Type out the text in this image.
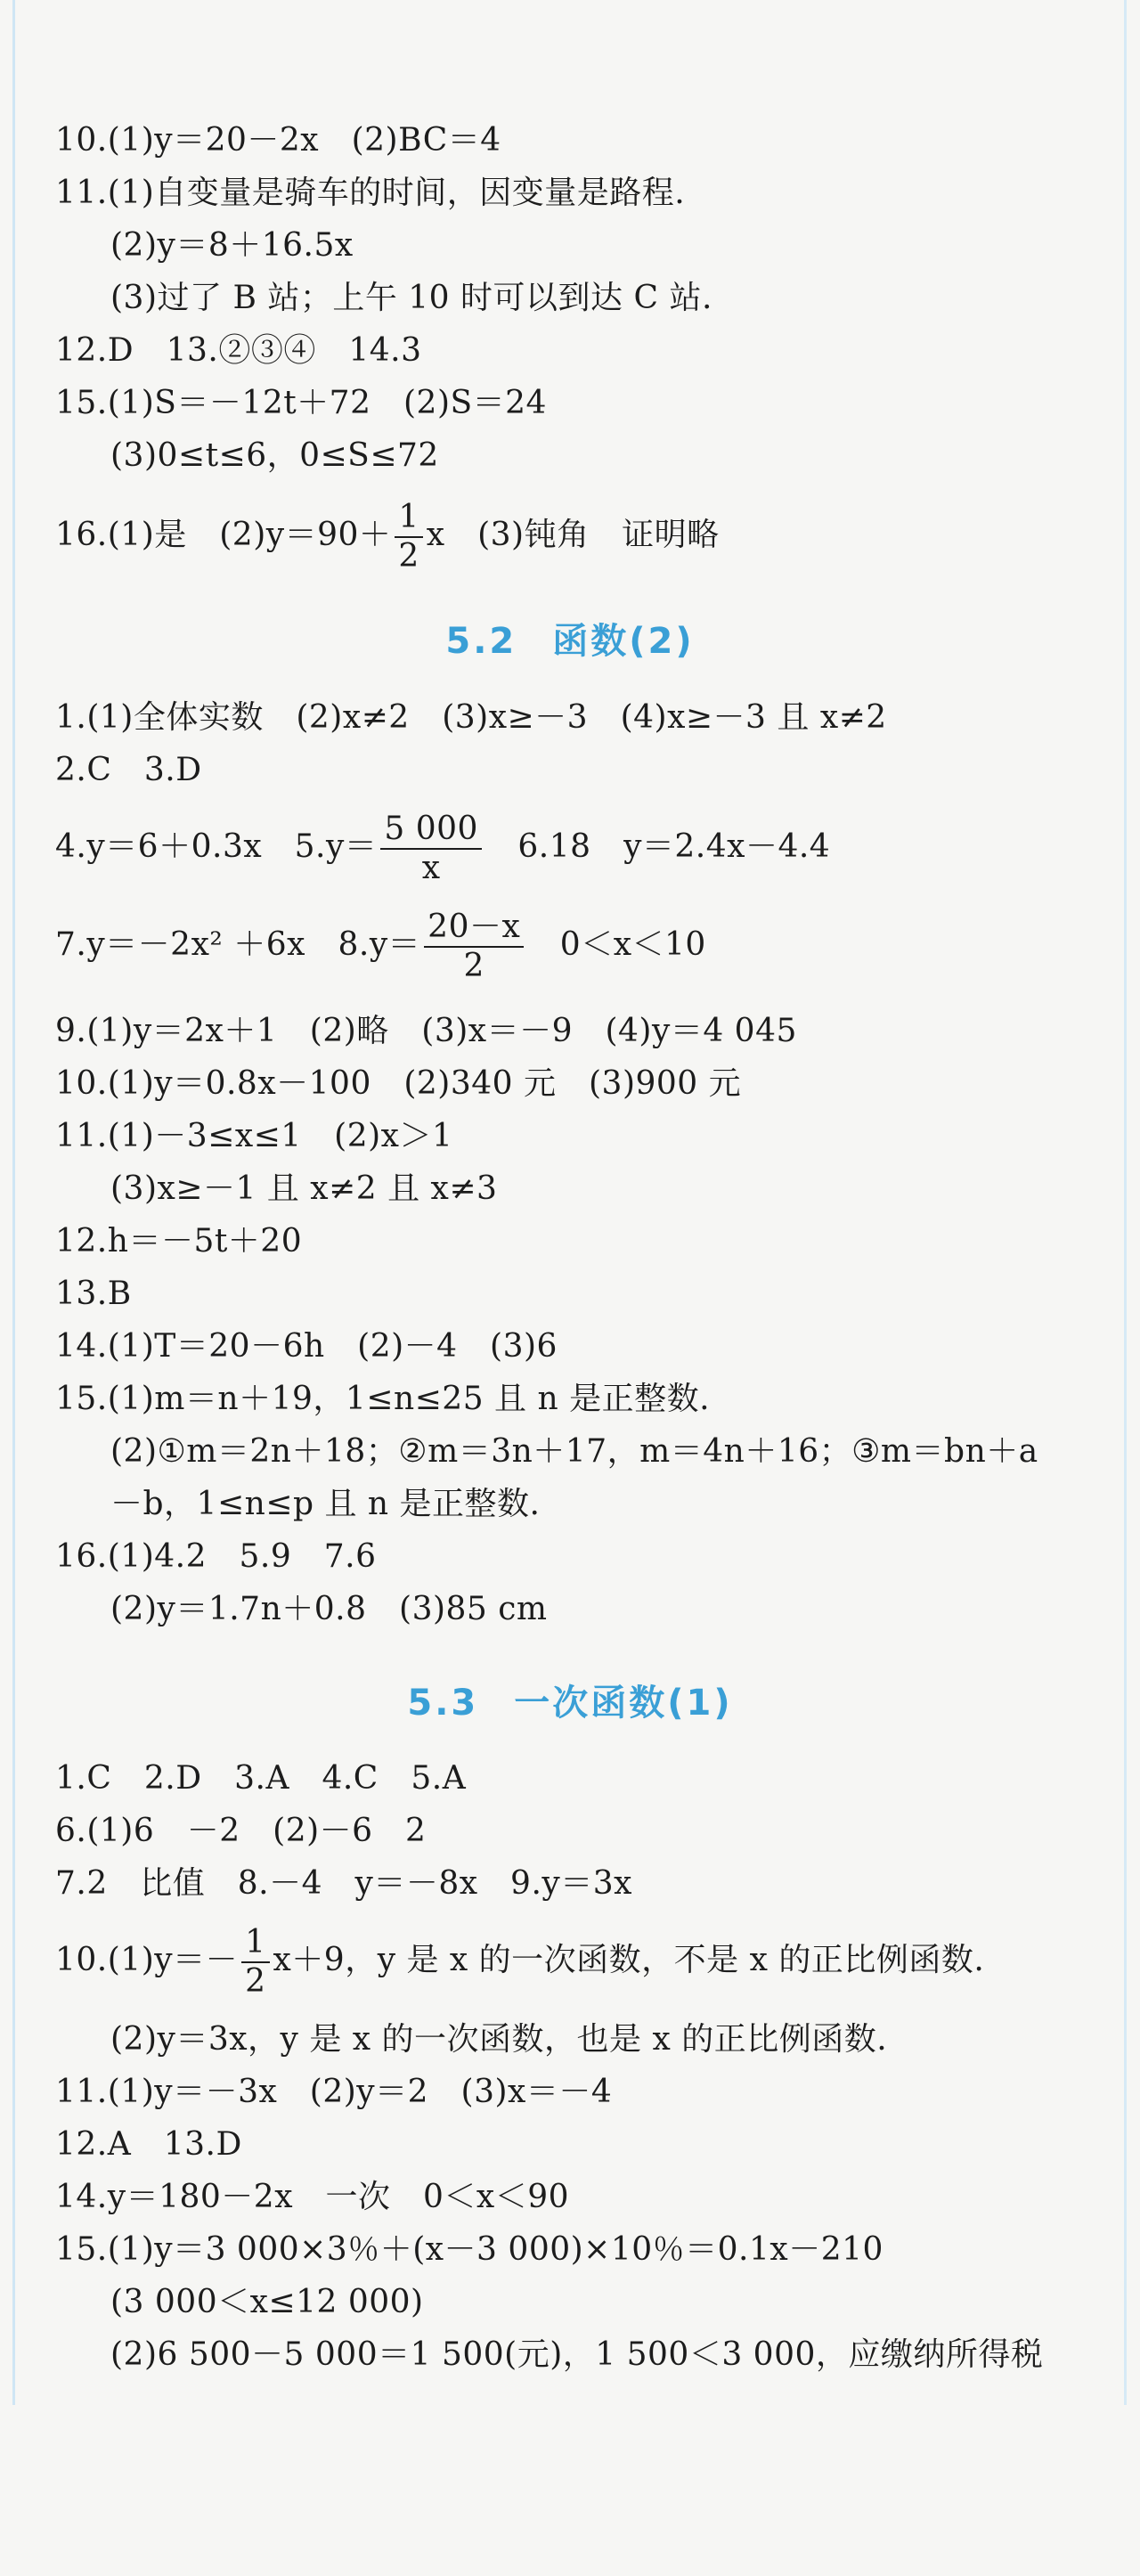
10.(1)y＝20－2x　(2)BC＝4
11.(1)自变量是骑车的时间，因变量是路程.
(2)y＝8＋16.5x
(3)过了 B 站；上午 10 时可以到达 C 站.
12.D　13.②③④　14.3
15.(1)S＝－12t＋72　(2)S＝24
(3)0≤t≤6，0≤S≤72
16.(1)是　$(2)y=90+ \frac{1}{2}$ x　(3)钝角　证明略
5.2 函数(2)
1.(1)全体实数　(2)x≠2　(3)x≥－3　(4)x≥－3 且 x≠2
2.C　3.D
4.y＝6＋0.3x　$5.y= \frac{5 000}{x}$ 　6.18　y＝2.4x－4.4
7.y＝－2x² ＋6x　$8.y= \frac{20-x}{2}$ 　0＜x＜10
9.(1)y＝2x＋1　(2)略　(3)x＝－9　(4)y＝4 045
10.(1)y＝0.8x－100　(2)340 元　(3)900 元
11.(1)－3≤x≤1　(2)x＞1
(3)x≥－1 且 x≠2 且 x≠3
12.h＝－5t＋20
13.B
14.(1)T＝20－6h　(2)－4　(3)6
15.(1)m＝n＋19，1≤n≤25 且 n 是正整数.
(2)①m＝2n＋18；②m＝3n＋17，m＝4n＋16；③m＝bn＋a
－b，1≤n≤p 且 n 是正整数.
16.(1)4.2　5.9　7.6
(2)y＝1.7n＋0.8　(3)85 cm
5.3 一次函数(1)
1.C　2.D　3.A　4.C　5.A
6.(1)6　－2　(2)－6　2
7.2　比值　8.－4　y＝－8x　9.y＝3x
$10.(1)y=- \frac{1}{2} x+9$，y 是 x 的一次函数，不是 x 的正比例函数.
(2)y＝3x，y 是 x 的一次函数，也是 x 的正比例函数.
11.(1)y＝－3x　(2)y＝2　(3)x＝－4
12.A　13.D
14.y＝180－2x　一次　0＜x＜90
15.(1)y＝3 000×3％＋(x－3 000)×10％＝0.1x－210
(3 000＜x≤12 000)
(2)6 500－5 000＝1 500(元)，1 500＜3 000，应缴纳所得税
